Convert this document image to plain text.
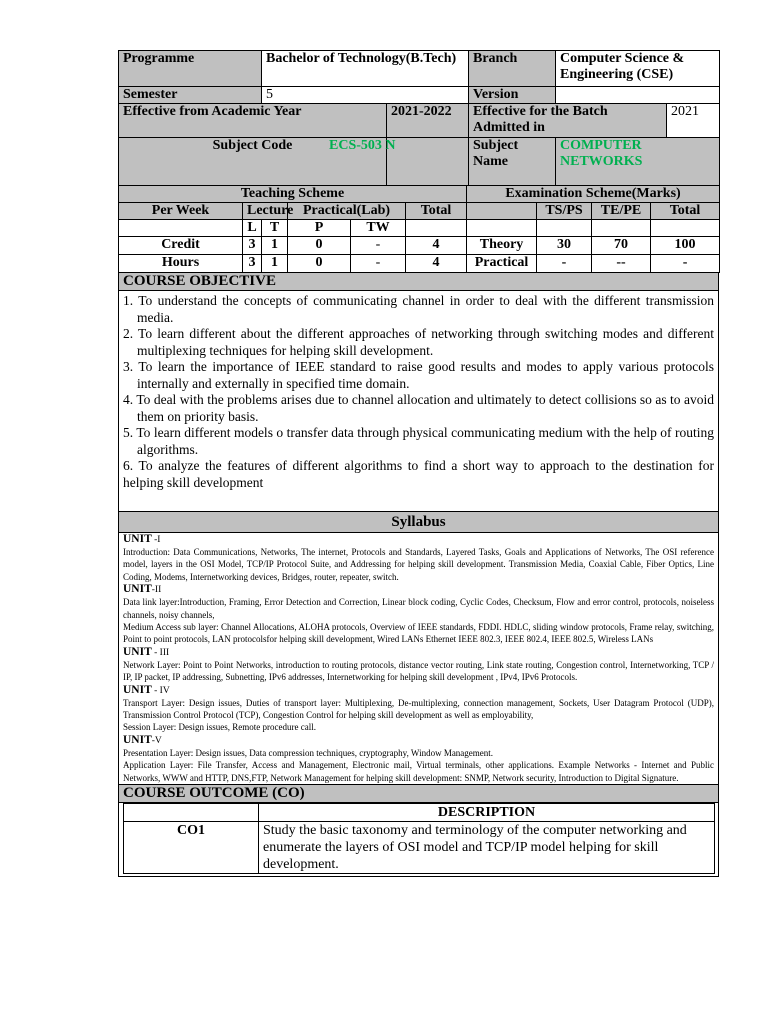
Programme	Bachelor of Technology(B.Tech)		Branch	Computer Science & Engineering (CSE)	
Semester	5		Version		
Effective from Academic Year		2021-2022	Effective for the Batch Admitted in		2021
Subject Code		ECS-503 N	Subject Name	COMPUTER NETWORKS	
Teaching Scheme						Examination Scheme(Marks)			
Per Week	Lecture		Practical(Lab)		Total		TS/PS	TE/PE	Total
	L	T	P	TW					
Credit	3	1	0	-	4	Theory	30	70	100
Hours	3	1	0	-	4	Practical	-	--	-
COURSE OBJECTIVE

1. To understand the concepts of communicating channel in order to deal with the different transmission media.
2. To learn different about the different approaches of networking through switching modes and different multiplexing techniques for helping skill development.
3. To learn the importance of IEEE standard to raise good results and modes to apply various protocols internally and externally in specified time domain.
4. To deal with the problems arises due to channel allocation and ultimately to detect collisions so as to avoid them on priority basis.
5. To learn different models o transfer data through physical communicating medium with the help of routing algorithms.
6. To analyze the features of different algorithms to find a short way to approach to the destination for helping skill development

Syllabus

UNIT -I
Introduction: Data Communications, Networks, The internet, Protocols and Standards, Layered Tasks, Goals and Applications of Networks, The OSI reference model, layers in the OSI Model, TCP/IP Protocol Suite, and Addressing for helping skill development. Transmission Media, Coaxial Cable, Fiber Optics, Line Coding, Modems, Internetworking devices, Bridges, router, repeater, switch.
UNIT-II
Data link layer:Introduction, Framing, Error Detection and Correction, Linear block coding, Cyclic Codes, Checksum, Flow and error control, protocols, noiseless channels, noisy channels,
Medium Access sub layer: Channel Allocations, ALOHA protocols, Overview of IEEE standards, FDDI. HDLC, sliding window protocols, Frame relay, switching, Point to point protocols, LAN protocolsfor helping skill development, Wired LANs Ethernet IEEE 802.3, IEEE 802.4, IEEE 802.5, Wireless LANs
UNIT - III
Network Layer: Point to Point Networks, introduction to routing protocols, distance vector routing, Link state routing, Congestion control, Internetworking, TCP / IP, IP packet, IP addressing, Subnetting, IPv6 addresses, Internetworking for helping skill development , IPv4, IPv6 Protocols.
UNIT - IV
Transport Layer: Design issues, Duties of transport layer: Multiplexing, De-multiplexing, connection management, Sockets, User Datagram Protocol (UDP), Transmission Control Protocol (TCP), Congestion Control for helping skill development as well as employability,
Session Layer: Design issues, Remote procedure call.
UNIT-V
Presentation Layer: Design issues, Data compression techniques, cryptography, Window Management.
Application Layer: File Transfer, Access and Management, Electronic mail, Virtual terminals, other applications. Example Networks - Internet and Public Networks, WWW and HTTP, DNS,FTP, Network Management for helping skill development: SNMP, Network security, Introduction to Digital Signature.

COURSE OUTCOME (CO)

	DESCRIPTION
CO1	Study the basic taxonomy and terminology of the computer networking and enumerate the layers of OSI model and TCP/IP model helping for skill development.
